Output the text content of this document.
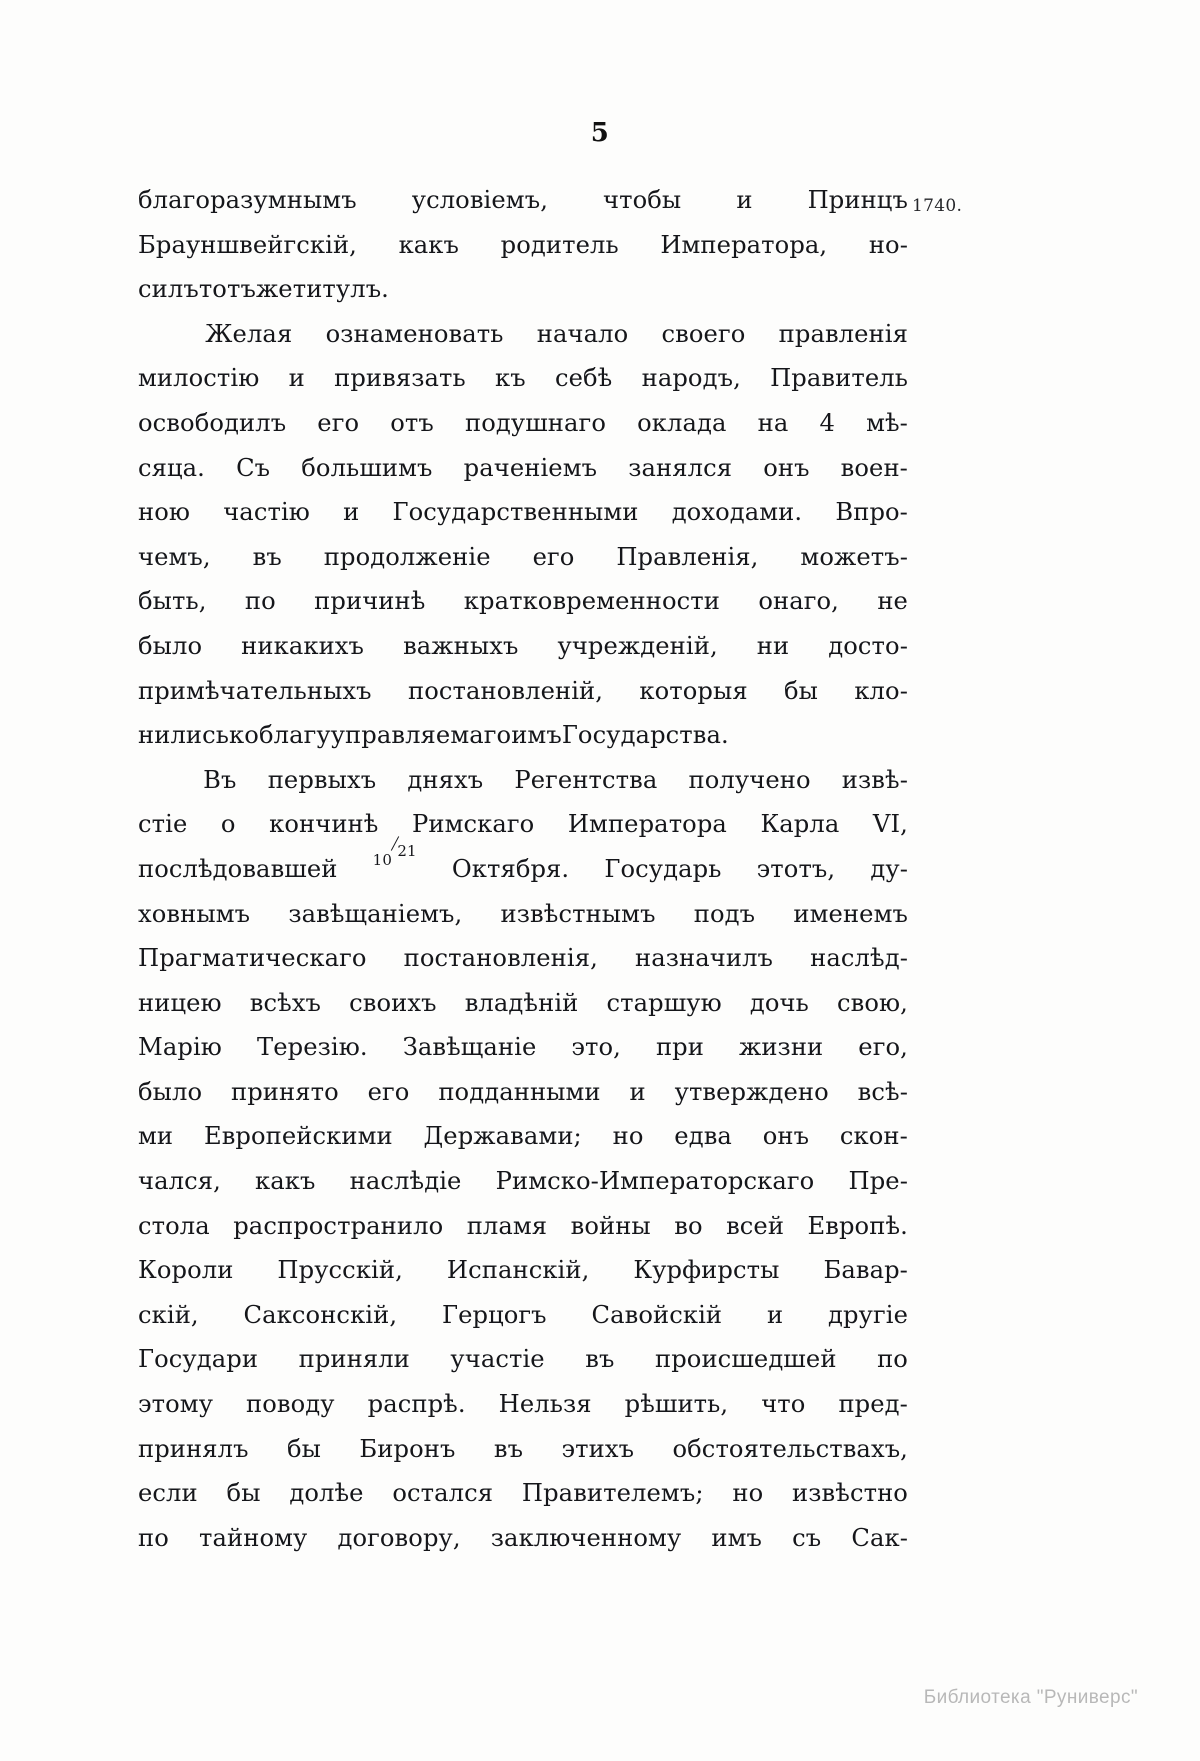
5
1740.

благоразумнымъ условіемъ, чтобы и Принцъ
Брауншвейгскій, какъ родитель Императора, но-
силъ тотъ же титулъ.

Желая ознаменовать начало своего правленія
милостію и привязать къ себѣ народъ, Правитель
освободилъ его отъ подушнаго оклада на 4 мѣ-
сяца. Съ большимъ раченіемъ занялся онъ воен-
ною частію и Государственными доходами. Впро-
чемъ, въ продолженіе его Правленія, можетъ-
быть, по причинѣ кратковременности онаго, не
было никакихъ важныхъ учрежденій, ни досто-
примѣчательныхъ постановленій, которыя бы кло-
нились ко благу управляемаго имъ Государства.

Въ первыхъ дняхъ Регентства получено извѣ-
стіе о кончинѣ Римскаго Императора Карла VI,
послѣдовавшей 10 21
Октября. Государь этотъ, ду-
ховнымъ завѣщаніемъ, извѣстнымъ подъ именемъ
Прагматическаго постановленія, назначилъ наслѣд-
ницею всѣхъ своихъ владѣній старшую дочь свою,
Марію Терезію. Завѣщаніе это, при жизни его,
было принято его подданными и утверждено всѣ-
ми Европейскими Державами; но едва онъ скон-
чался, какъ наслѣдіе Римско-Императорскаго Пре-
стола распространило пламя войны во всей Европѣ.
Короли Прусскій, Испанскій, Курфирсты Бавар-
скій, Саксонскій, Герцогъ Савойскій и другіе
Государи приняли участіе въ происшедшей по
этому поводу распрѣ. Нельзя рѣшить, что пред-
принялъ бы Биронъ въ этихъ обстоятельствахъ,
если бы долѣе остался Правителемъ; но извѣстно
по тайному договору, заключенному имъ съ Сак-

Библиотека "Руниверс"
